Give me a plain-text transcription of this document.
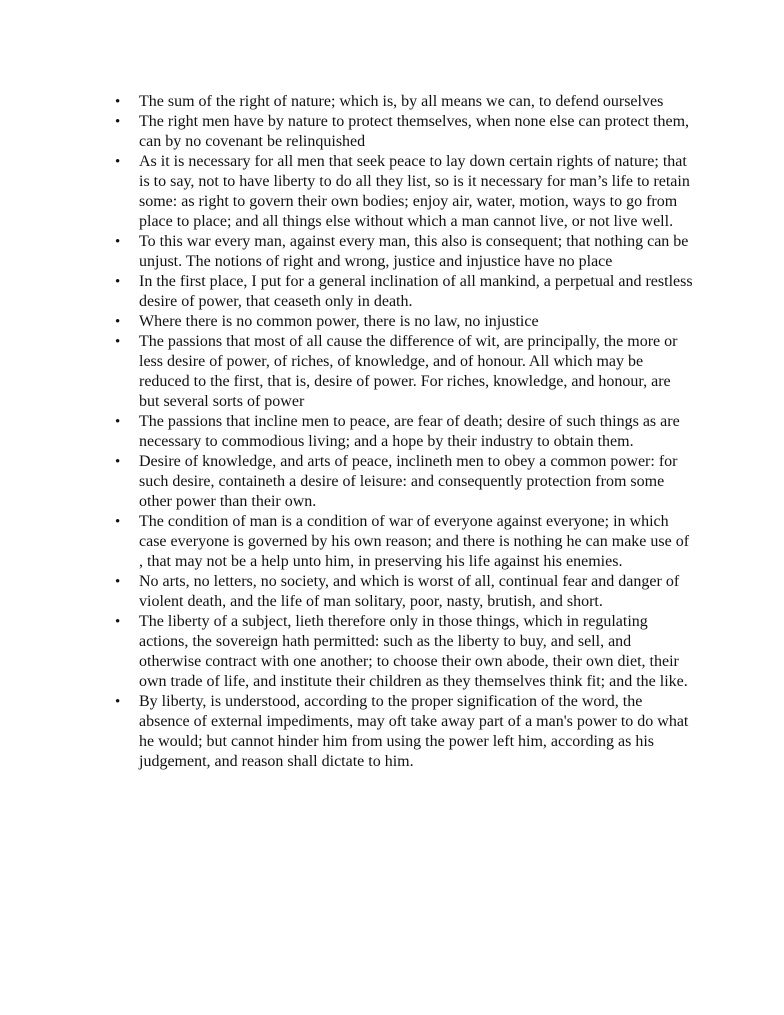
• The sum of the right of nature; which is, by all means we can, to defend ourselves
• The right men have by nature to protect themselves, when none else can protect them, can by no covenant be relinquished
• As it is necessary for all men that seek peace to lay down certain rights of nature; that is to say, not to have liberty to do all they list, so is it necessary for man’s life to retain some: as right to govern their own bodies; enjoy air, water, motion, ways to go from place to place; and all things else without which a man cannot live, or not live well.
• To this war every man, against every man, this also is consequent; that nothing can be unjust. The notions of right and wrong, justice and injustice have no place
• In the first place, I put for a general inclination of all mankind, a perpetual and restless desire of power, that ceaseth only in death.
• Where there is no common power, there is no law, no injustice
• The passions that most of all cause the difference of wit, are principally, the more or less desire of power, of riches, of knowledge, and of honour. All which may be reduced to the first, that is, desire of power. For riches, knowledge, and honour, are but several sorts of power
• The passions that incline men to peace, are fear of death; desire of such things as are necessary to commodious living; and a hope by their industry to obtain them.
• Desire of knowledge, and arts of peace, inclineth men to obey a common power: for such desire, containeth a desire of leisure: and consequently protection from some other power than their own.
• The condition of man is a condition of war of everyone against everyone; in which case everyone is governed by his own reason; and there is nothing he can make use of , that may not be a help unto him, in preserving his life against his enemies.
• No arts, no letters, no society, and which is worst of all, continual fear and danger of violent death, and the life of man solitary, poor, nasty, brutish, and short.
• The liberty of a subject, lieth therefore only in those things, which in regulating actions, the sovereign hath permitted: such as the liberty to buy, and sell, and otherwise contract with one another; to choose their own abode, their own diet, their own trade of life, and institute their children as they themselves think fit; and the like.
• By liberty, is understood, according to the proper signification of the word, the absence of external impediments, may oft take away part of a man's power to do what he would; but cannot hinder him from using the power left him, according as his judgement, and reason shall dictate to him.
